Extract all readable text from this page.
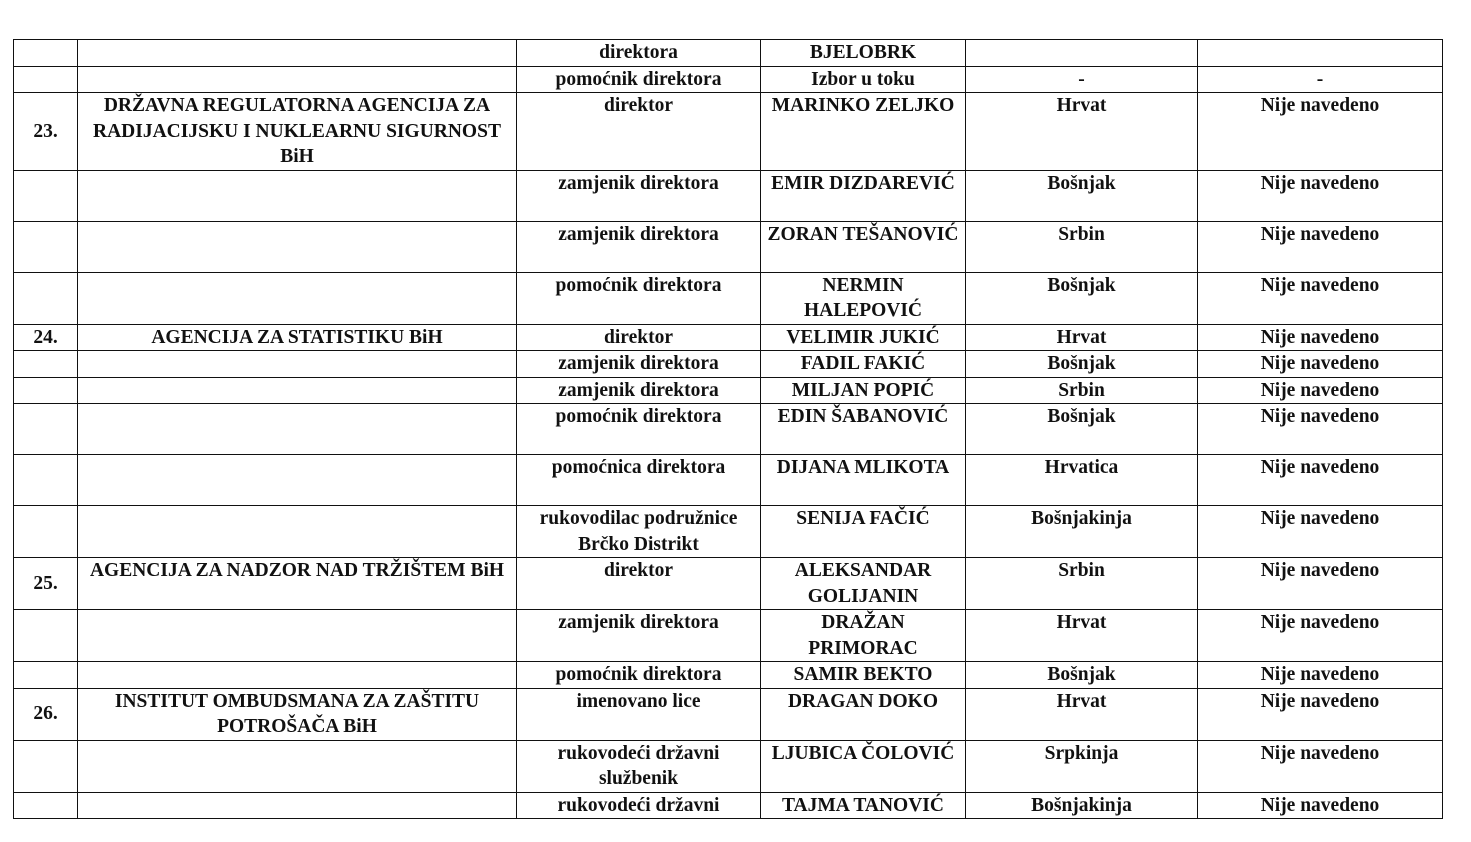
		direktora	BJELOBRK		
		pomoćnik direktora	Izbor u toku	-	-
23.	DRŽAVNA REGULATORNA AGENCIJA ZA RADIJACIJSKU I NUKLEARNU SIGURNOST BiH	direktor	MARINKO ZELJKO	Hrvat	Nije navedeno
		zamjenik direktora	EMIR DIZDAREVIĆ	Bošnjak	Nije navedeno
		zamjenik direktora	ZORAN TEŠANOVIĆ	Srbin	Nije navedeno
		pomoćnik direktora	NERMIN HALEPOVIĆ	Bošnjak	Nije navedeno
24.	AGENCIJA ZA STATISTIKU BiH	direktor	VELIMIR JUKIĆ	Hrvat	Nije navedeno
		zamjenik direktora	FADIL FAKIĆ	Bošnjak	Nije navedeno
		zamjenik direktora	MILJAN POPIĆ	Srbin	Nije navedeno
		pomoćnik direktora	EDIN ŠABANOVIĆ	Bošnjak	Nije navedeno
		pomoćnica direktora	DIJANA MLIKOTA	Hrvatica	Nije navedeno
		rukovodilac podružnice Brčko Distrikt	SENIJA FAČIĆ	Bošnjakinja	Nije navedeno
25.	AGENCIJA ZA NADZOR NAD TRŽIŠTEM BiH	direktor	ALEKSANDAR GOLIJANIN	Srbin	Nije navedeno
		zamjenik direktora	DRAŽAN PRIMORAC	Hrvat	Nije navedeno
		pomoćnik direktora	SAMIR BEKTO	Bošnjak	Nije navedeno
26.	INSTITUT OMBUDSMANA ZA ZAŠTITU POTROŠAČA BiH	imenovano lice	DRAGAN DOKO	Hrvat	Nije navedeno
		rukovodeći državni službenik	LJUBICA ČOLOVIĆ	Srpkinja	Nije navedeno
		rukovodeći državni	TAJMA TANOVIĆ	Bošnjakinja	Nije navedeno
